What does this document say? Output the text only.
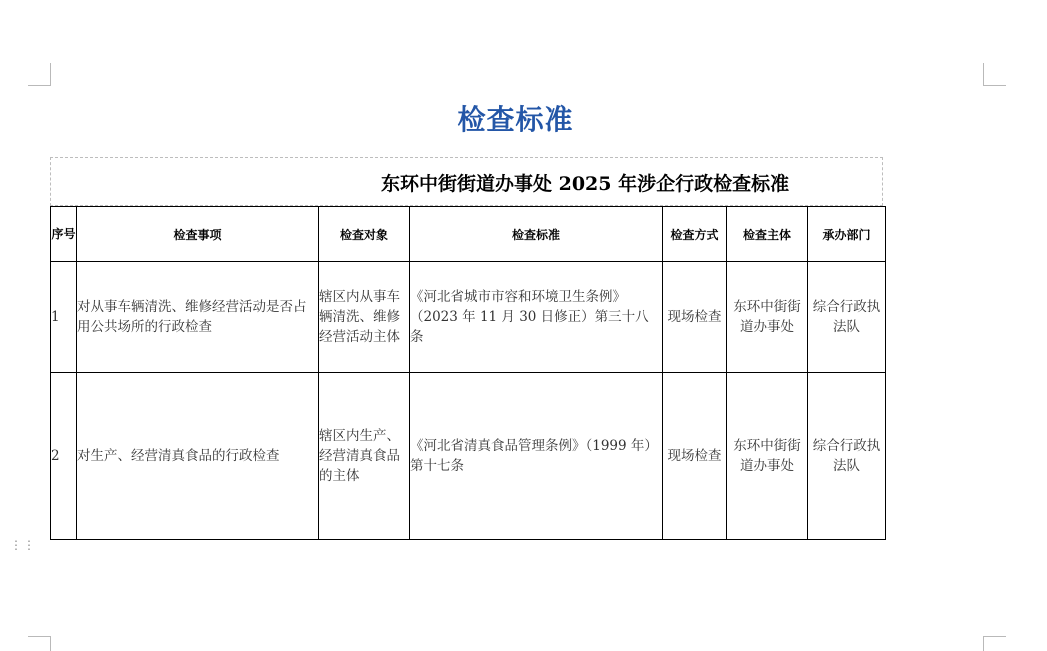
检查标准
东环中街街道办事处 2025 年涉企行政检查标准
序号	检查事项	检查对象	检查标准	检查方式	检查主体	承办部门
1	对从事车辆清洗、维修经营活动是否占用公共场所的行政检查	辖区内从事车辆清洗、维修经营活动主体	《河北省城市市容和环境卫生条例》（2023 年 11 月 30 日修正）第三十八条	现场检查	东环中街街道办事处	综合行政执法队
2	对生产、经营清真食品的行政检查	辖区内生产、经营清真食品的主体	《河北省清真食品管理条例》（1999 年） 第十七条	现场检查	东环中街街道办事处	综合行政执法队
⋮⋮
